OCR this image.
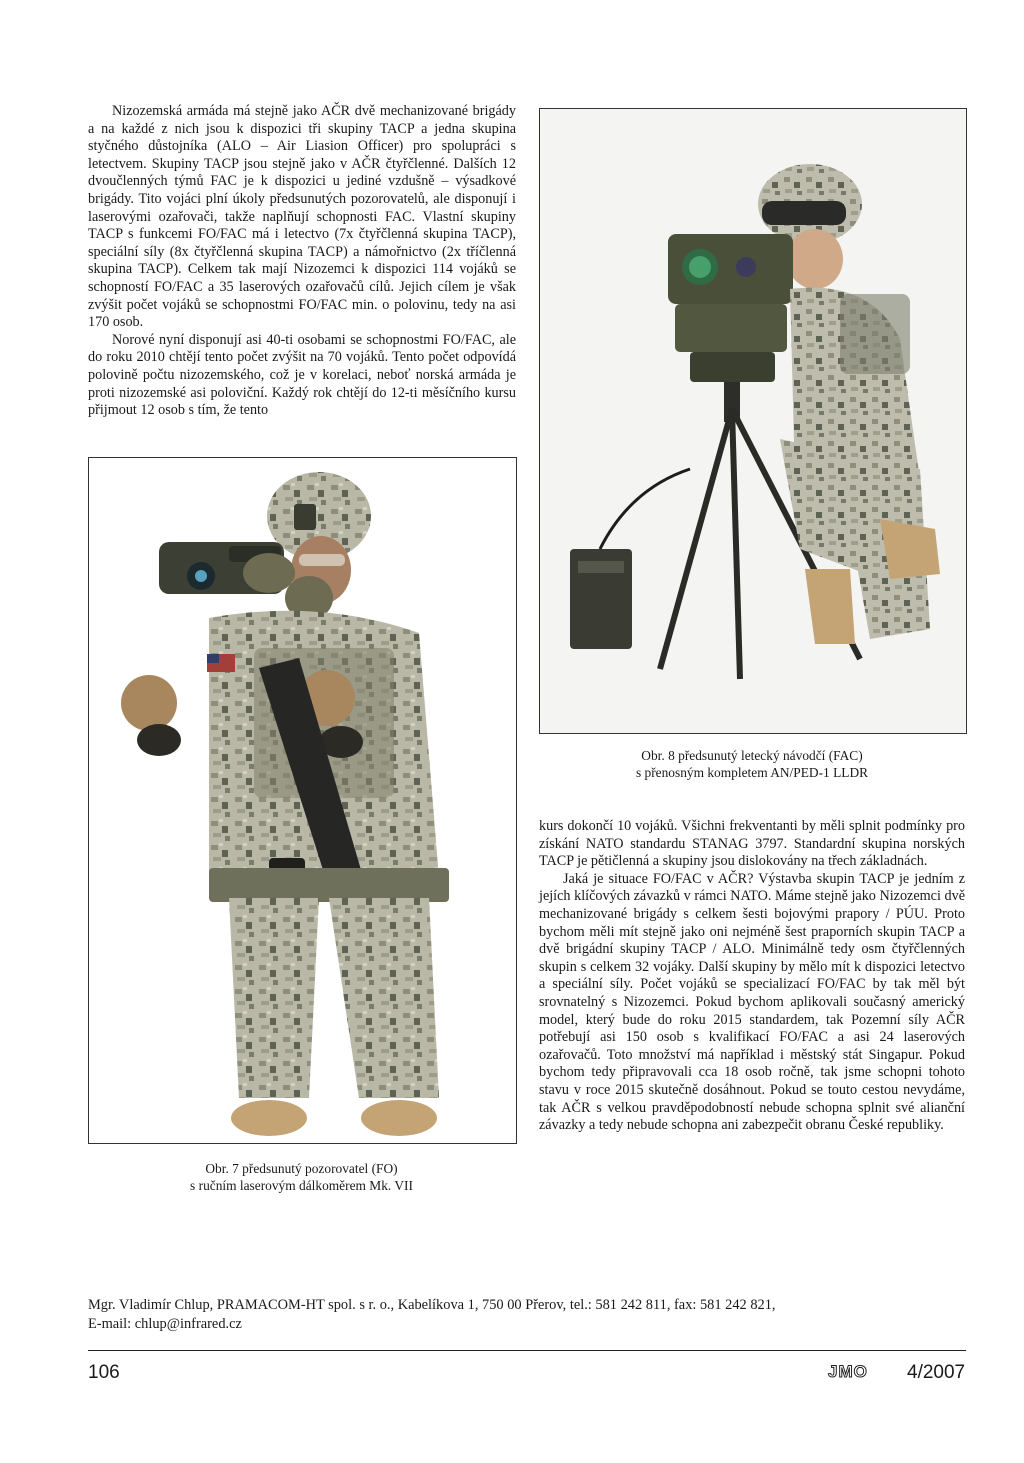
Nizozemská armáda má stejně jako AČR dvě mechanizované brigády a na každé z nich jsou k dispozici tři skupiny TACP a jedna skupina styčného důstojníka (ALO – Air Liasion Officer) pro spolupráci s letectvem. Skupiny TACP jsou stejně jako v AČR čtyřčlenné. Dalších 12 dvoučlenných týmů FAC je k dispozici u jediné vzdušně – výsadkové brigády. Tito vojáci plní úkoly předsunutých pozorovatelů, ale disponují i laserovými ozařovači, takže naplňují schopnosti FAC. Vlastní skupiny TACP s funkcemi FO/FAC má i letectvo (7x čtyřčlenná skupina TACP), speciální síly (8x čtyřčlenná skupina TACP) a námořnictvo (2x tříčlenná skupina TACP). Celkem tak mají Nizozemci k dispozici 114 vojáků se schopností FO/FAC a 35 laserových ozařovačů cílů. Jejich cílem je však zvýšit počet vojáků se schopnostmi FO/FAC min. o polovinu, tedy na asi 170 osob.

Norové nyní disponují asi 40-ti osobami se schopnostmi FO/FAC, ale do roku 2010 chtějí tento počet zvýšit na 70 vojáků. Tento počet odpovídá polovině počtu nizozemského, což je v korelaci, neboť norská armáda je proti nizozemské asi poloviční. Každý rok chtějí do 12-ti měsíčního kursu přijmout 12 osob s tím, že tento

Obr. 8 předsunutý letecký návodčí (FAC)
s přenosným kompletem AN/PED-1 LLDR
Obr. 7 předsunutý pozorovatel (FO)
s ručním laserovým dálkoměrem Mk. VII

kurs dokončí 10 vojáků. Všichni frekventanti by měli splnit podmínky pro získání NATO standardu STANAG 3797. Standardní skupina norských TACP je pětičlenná a skupiny jsou dislokovány na třech základnách.

Jaká je situace FO/FAC v AČR? Výstavba skupin TACP je jedním z jejích klíčových závazků v rámci NATO. Máme stejně jako Nizozemci dvě mechanizované brigády s celkem šesti bojovými prapory / PÚU. Proto bychom měli mít stejně jako oni nejméně šest praporních skupin TACP a dvě brigádní skupiny TACP / ALO. Minimálně tedy osm čtyřčlenných skupin s celkem 32 vojáky. Další skupiny by mělo mít k dispozici letectvo a speciální síly. Počet vojáků se specializací FO/FAC by tak měl být srovnatelný s Nizozemci. Pokud bychom aplikovali současný americký model, který bude do roku 2015 standardem, tak Pozemní síly AČR potřebují asi 150 osob s kvalifikací FO/FAC a asi 24 laserových ozařovačů. Toto množství má například i městský stát Singapur. Pokud bychom tedy připravovali cca 18 osob ročně, tak jsme schopni tohoto stavu v roce 2015 skutečně dosáhnout. Pokud se touto cestou nevydáme, tak AČR s velkou pravděpodobností nebude schopna splnit své alianční závazky a tedy nebude schopna ani zabezpečit obranu České republiky.

Mgr. Vladimír Chlup, PRAMACOM-HT spol. s r. o., Kabelíkova 1, 750 00 Přerov, tel.: 581 242 811, fax: 581 242 821,
E-mail: chlup@infrared.cz
106	JMO 4/2007
